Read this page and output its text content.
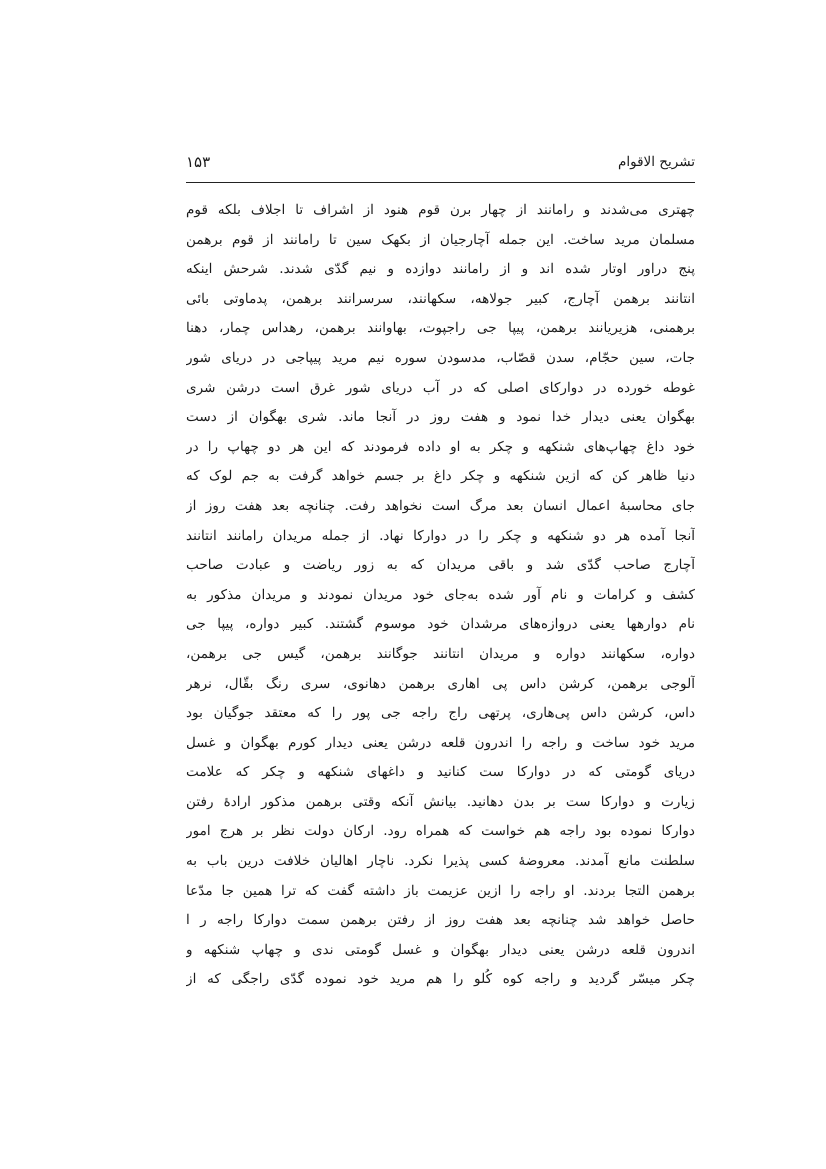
تشریح الاقوام
۱۵۳
چهتری می‌شدند و رامانند از چهار برن قوم هنود از اشراف تا اجلاف بلکه قوم
مسلمان مرید ساخت. این جمله آچارجیان از بکهک سین تا رامانند از قوم برهمن
پنج دراور اوتار شده اند و از رامانند دوازده و نیم گدّی شدند. شرحش اینکه
انتانند برهمن آچارج، کبیر جولاهه، سکهانند، سرسرانند برهمن، پدماوتی بائی
برهمنی، هزیریانند برهمن، پیپا جی راجپوت، بهاوانند برهمن، رهداس چمار، دهنا
جات، سین حجّام، سدن قصّاب، مدسودن سوره نیم مرید پیپاجی در دریای شور
غوطه خورده در دوارکای اصلی که در آب دریای شور غرق است درشن شری
بهگوان یعنی دیدار خدا نمود و هفت روز در آنجا ماند. شری بهگوان از دست
خود داغ چهاپ‌های شنکهه و چکر به او داده فرمودند که این هر دو چهاپ را در
دنیا ظاهر کن که ازین شنکهه و چکر داغ بر جسم خواهد گرفت به جم لوک که
جای محاسبهٔ اعمال انسان بعد مرگ است نخواهد رفت. چنانچه بعد هفت روز از
آنجا آمده هر دو شنکهه و چکر را در دوارکا نهاد. از جمله مریدان رامانند انتانند
آچارج صاحب گدّی شد و باقی مریدان که به زور ریاضت و عبادت صاحب
کشف و کرامات و نام آور شده به‌جای خود مریدان نمودند و مریدان مذکور به
نام دوارهها یعنی دروازه‌های مرشدان خود موسوم گشتند. کبیر دواره، پیپا جی
دواره، سکهانند دواره و مریدان انتانند جوگانند برهمن، گیس جی برهمن،
آلوجی برهمن، کرشن داس پی اهاری برهمن دهانوی، سری رنگ بقّال، نرهر
داس، کرشن داس پی‌هاری، پرتهی راج راجه جی پور را که معتقد جوگیان بود
مرید خود ساخت و راجه را اندرون قلعه درشن یعنی دیدار کورم بهگوان و غسل
دریای گومتی که در دوارکا ست کنانید و داغهای شنکهه و چکر که علامت
زیارت و دوارکا ست بر بدن دهانید. بیانش آنکه وقتی برهمن مذکور ارادهٔ رفتن
دوارکا نموده بود راجه هم خواست که همراه رود. ارکان دولت نظر بر هرج امور
سلطنت مانع آمدند. معروضهٔ کسی پذیرا نکرد. ناچار اهالیان خلافت درین باب به
برهمن التجا بردند. او راجه را ازین عزیمت باز داشته گفت که ترا همین جا مدّعا
حاصل خواهد شد چنانچه بعد هفت روز از رفتن برهمن سمت دوارکا راجه ر ا
اندرون قلعه درشن یعنی دیدار بهگوان و غسل گومتی ندی و چهاپ شنکهه و
چکر میسّر گردید و راجه کوه کُلو را هم مرید خود نموده گدّی راجگی که از
